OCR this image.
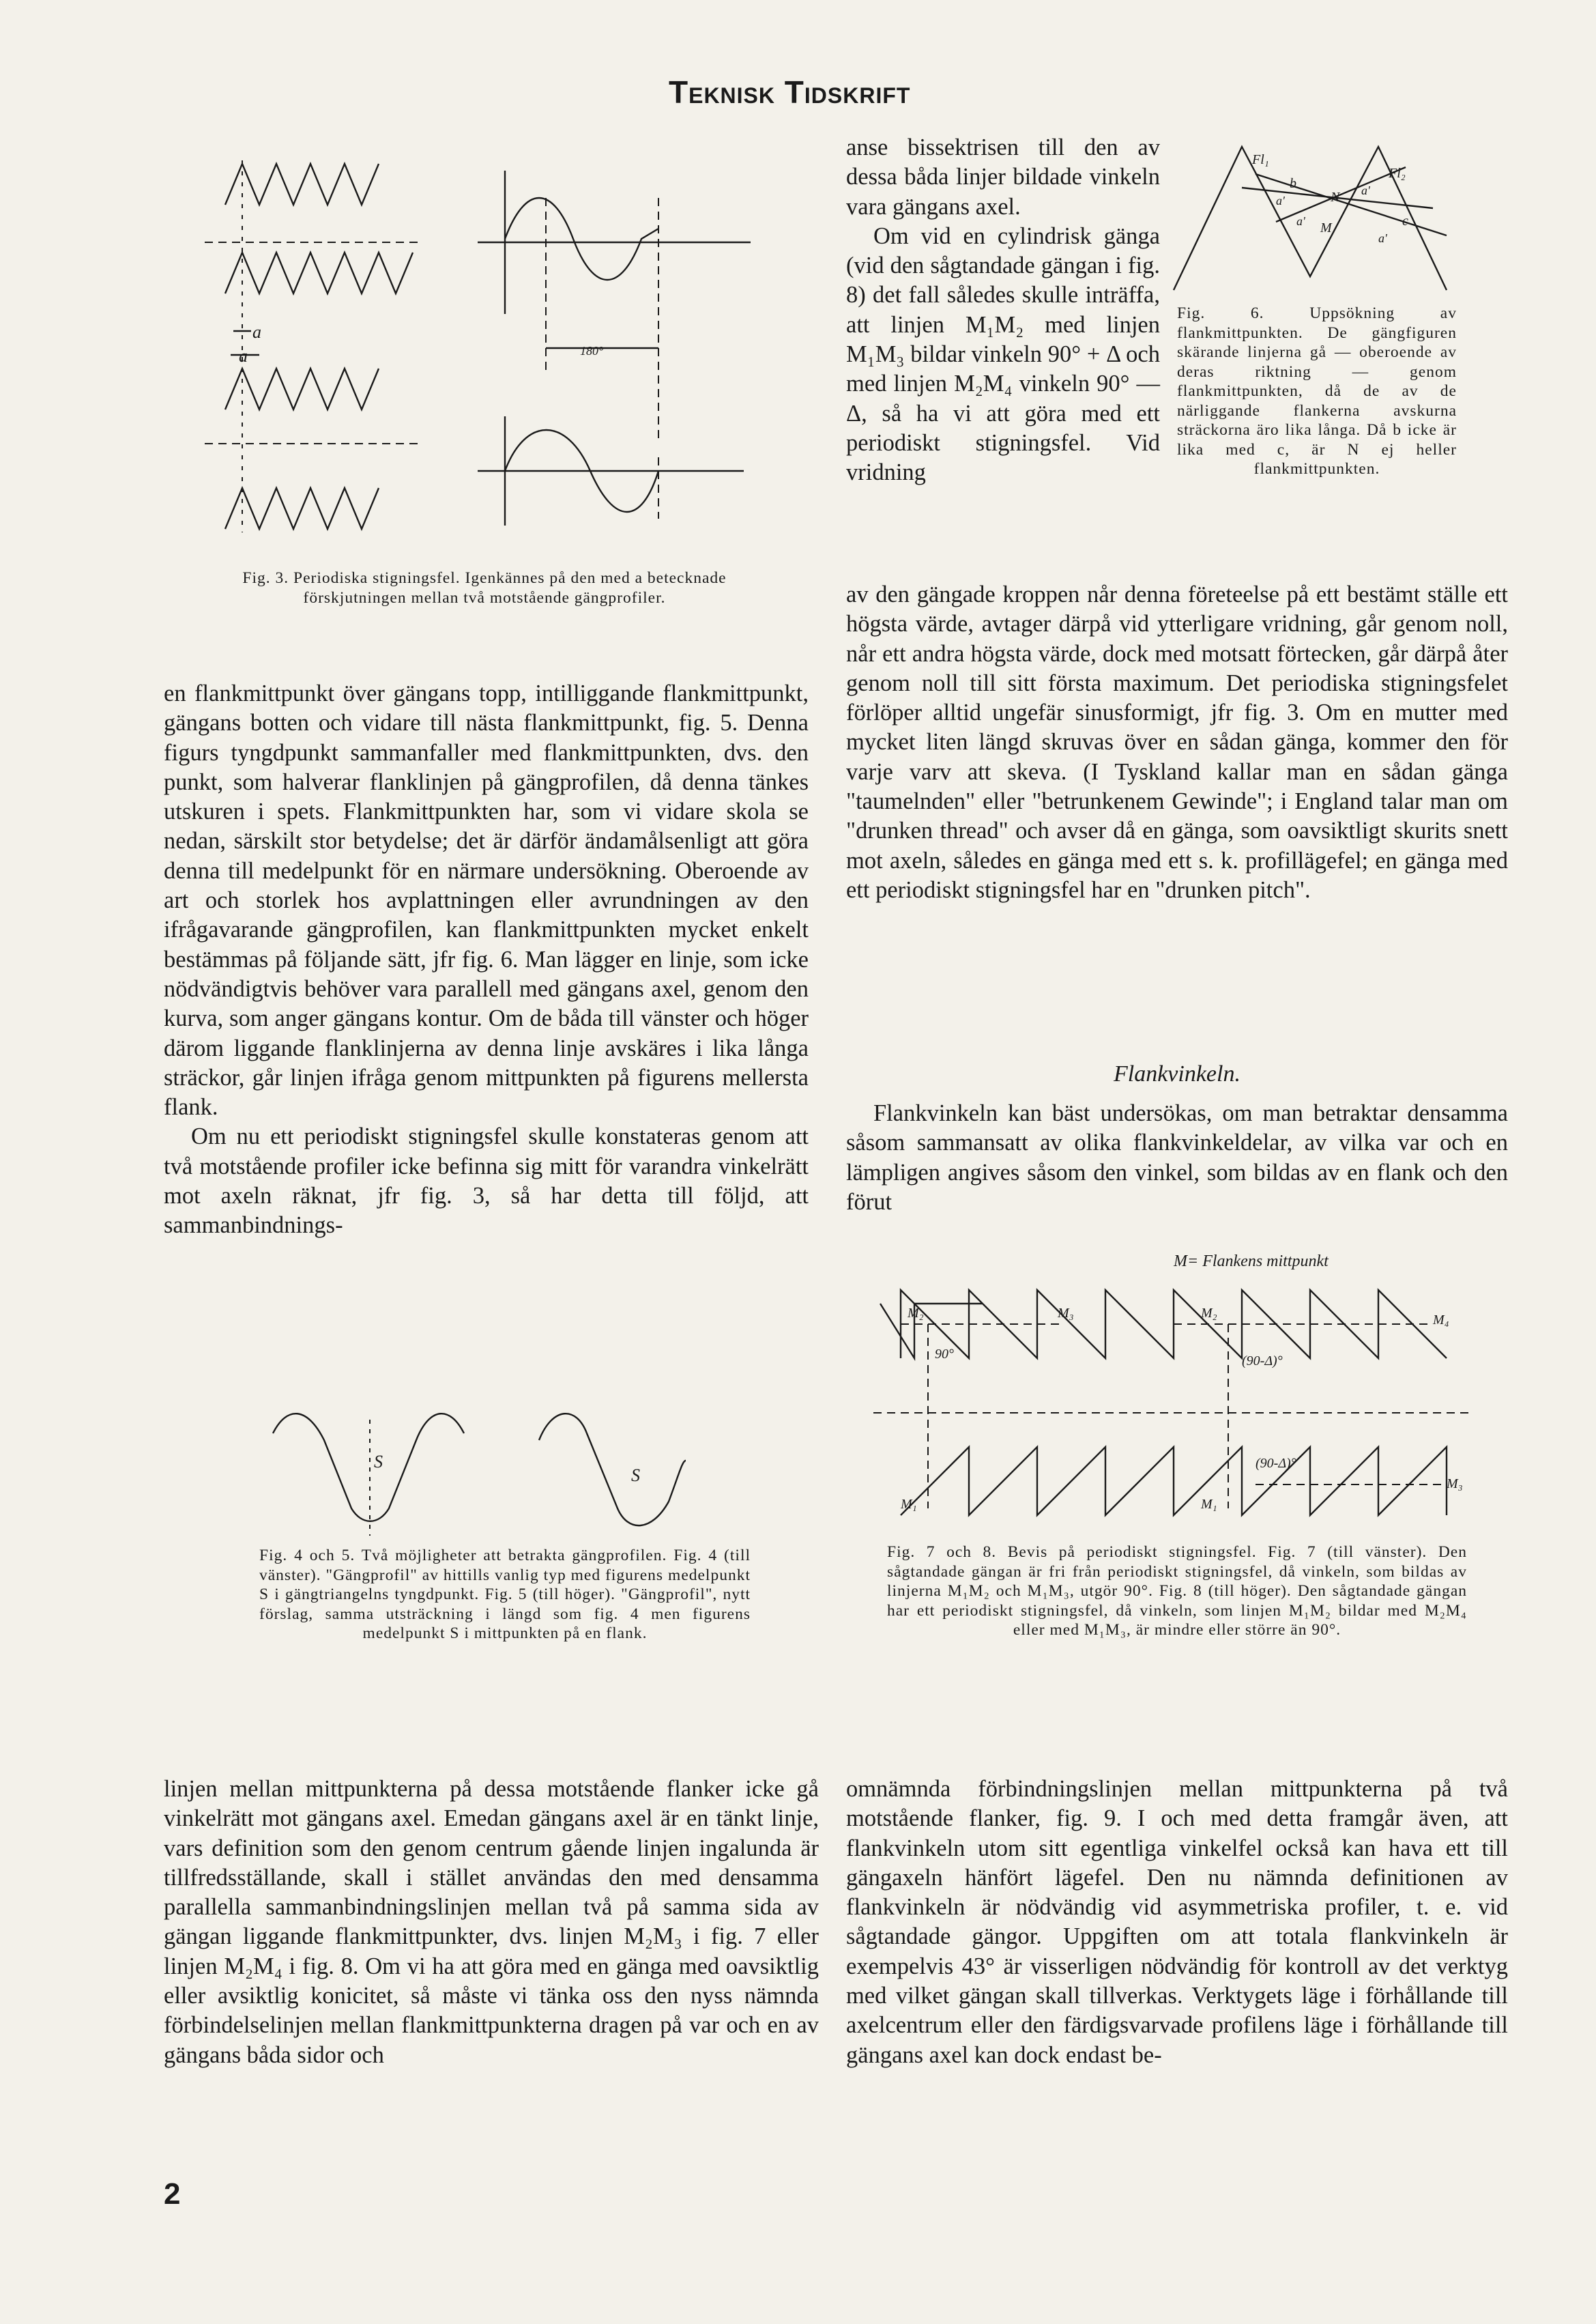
Teknisk Tidskrift
a
a	180°
Fig. 3. Periodiska stigningsfel. Igenkännes på den med a betecknade förskjutningen mellan två motstående gängprofiler.

en flankmittpunkt över gängans topp, intilliggande flankmittpunkt, gängans botten och vidare till nästa flankmittpunkt, fig. 5. Denna figurs tyngdpunkt sammanfaller med flankmittpunkten, dvs. den punkt, som halverar flanklinjen på gängprofilen, då denna tänkes utskuren i spets. Flankmittpunkten har, som vi vidare skola se nedan, särskilt stor betydelse; det är därför ändamålsenligt att göra denna till medelpunkt för en närmare undersökning. Oberoende av art och storlek hos avplattningen eller avrundningen av den ifrågavarande gängprofilen, kan flankmittpunkten mycket enkelt bestämmas på följande sätt, jfr fig. 6. Man lägger en linje, som icke nödvändigtvis behöver vara parallell med gängans axel, genom den kurva, som anger gängans kontur. Om de båda till vänster och höger därom liggande flanklinjerna av denna linje avskäres i lika långa sträckor, går linjen ifråga genom mittpunkten på figurens mellersta flank.

Om nu ett periodiskt stigningsfel skulle konstateras genom att två motstående profiler icke befinna sig mitt för varandra vinkelrätt mot axeln räknat, jfr fig. 3, så har detta till följd, att sammanbindnings-

S
S
Fig. 4 och 5. Två möjligheter att betrakta gängprofilen. Fig. 4 (till vänster). "Gängprofil" av hittills vanlig typ med figurens medelpunkt S i gängtriangelns tyngdpunkt. Fig. 5 (till höger). "Gängprofil", nytt förslag, samma utsträckning i längd som fig. 4 men figurens medelpunkt S i mittpunkten på en flank.
linjen mellan mittpunkterna på dessa motstående flanker icke gå vinkelrätt mot gängans axel. Emedan gängans axel är en tänkt linje, vars definition som den genom centrum gående linjen ingalunda är tillfredsställande, skall i stället användas den med densamma parallella sammanbindningslinjen mellan två på samma sida av gängan liggande flankmittpunkter, dvs. linjen M₂M₃ i fig. 7 eller linjen M₂M₄ i fig. 8. Om vi ha att göra med en gänga med oavsiktlig eller avsiktlig konicitet, så måste vi tänka oss den nyss nämnda förbindelselinjen mellan flankmittpunkterna dragen på var och en av gängans båda sidor och

anse bissektrisen till den av dessa båda linjer bildade vinkeln vara gängans axel.

Om vid en cylindrisk gänga (vid den sågtandade gängan i fig. 8) det fall således skulle inträffa, att linjen M₁M₂ med linjen M₁M₃ bildar vinkeln 90° + Δ och med linjen M₂M₄ vinkeln 90° — Δ, så ha vi att göra med ett periodiskt stigningsfel. Vid vridning

Fl₁
Fl₂
b
N a'
a'
a'	c
M
a'
Fig. 6. Uppsökning av flankmittpunkten. De gängfiguren skärande linjerna gå — oberoende av deras riktning — genom flankmittpunkten, då de av de närliggande flankerna avskurna sträckorna äro lika långa. Då b icke är lika med c, är N ej heller flankmittpunkten.
av den gängade kroppen når denna företeelse på ett bestämt ställe ett högsta värde, avtager därpå vid ytterligare vridning, går genom noll, når ett andra högsta värde, dock med motsatt förtecken, går därpå åter genom noll till sitt första maximum. Det periodiska stigningsfelet förlöper alltid ungefär sinusformigt, jfr fig. 3. Om en mutter med mycket liten längd skruvas över en sådan gänga, kommer den för varje varv att skeva. (I Tyskland kallar man en sådan gänga "taumelnden" eller "betrunkenem Gewinde"; i England talar man om "drunken thread" och avser då en gänga, som oavsiktligt skurits snett mot axeln, således en gänga med ett s. k. profillägefel; en gänga med ett periodiskt stigningsfel har en "drunken pitch".
Flankvinkeln.
Flankvinkeln kan bäst undersökas, om man betraktar densamma såsom sammansatt av olika flankvinkeldelar, av vilka var och en lämpligen angives såsom den vinkel, som bildas av en flank och den förut
M= Flankens mittpunkt
M₂	M₃
90°
M₂	M₄
(90-Δ)°
M₁	M₁
(90-Δ)°
M₃
Fig. 7 och 8. Bevis på periodiskt stigningsfel. Fig. 7 (till vänster). Den sågtandade gängan är fri från periodiskt stigningsfel, då vinkeln, som bildas av linjerna M₁M₂ och M₁M₃, utgör 90°. Fig. 8 (till höger). Den sågtandade gängan har ett periodiskt stigningsfel, då vinkeln, som linjen M₁M₂ bildar med M₂M₄ eller med M₁M₃, är mindre eller större än 90°.
omnämnda förbindningslinjen mellan mittpunkterna på två motstående flanker, fig. 9. I och med detta framgår även, att flankvinkeln utom sitt egentliga vinkelfel också kan hava ett till gängaxeln hänfört lägefel. Den nu nämnda definitionen av flankvinkeln är nödvändig vid asymmetriska profiler, t. e. vid sågtandade gängor. Uppgiften om att totala flankvinkeln är exempelvis 43° är visserligen nödvändig för kontroll av det verktyg med vilket gängan skall tillverkas. Verktygets läge i förhållande till axelcentrum eller den färdigsvarvade profilens läge i förhållande till gängans axel kan dock endast be-
2
